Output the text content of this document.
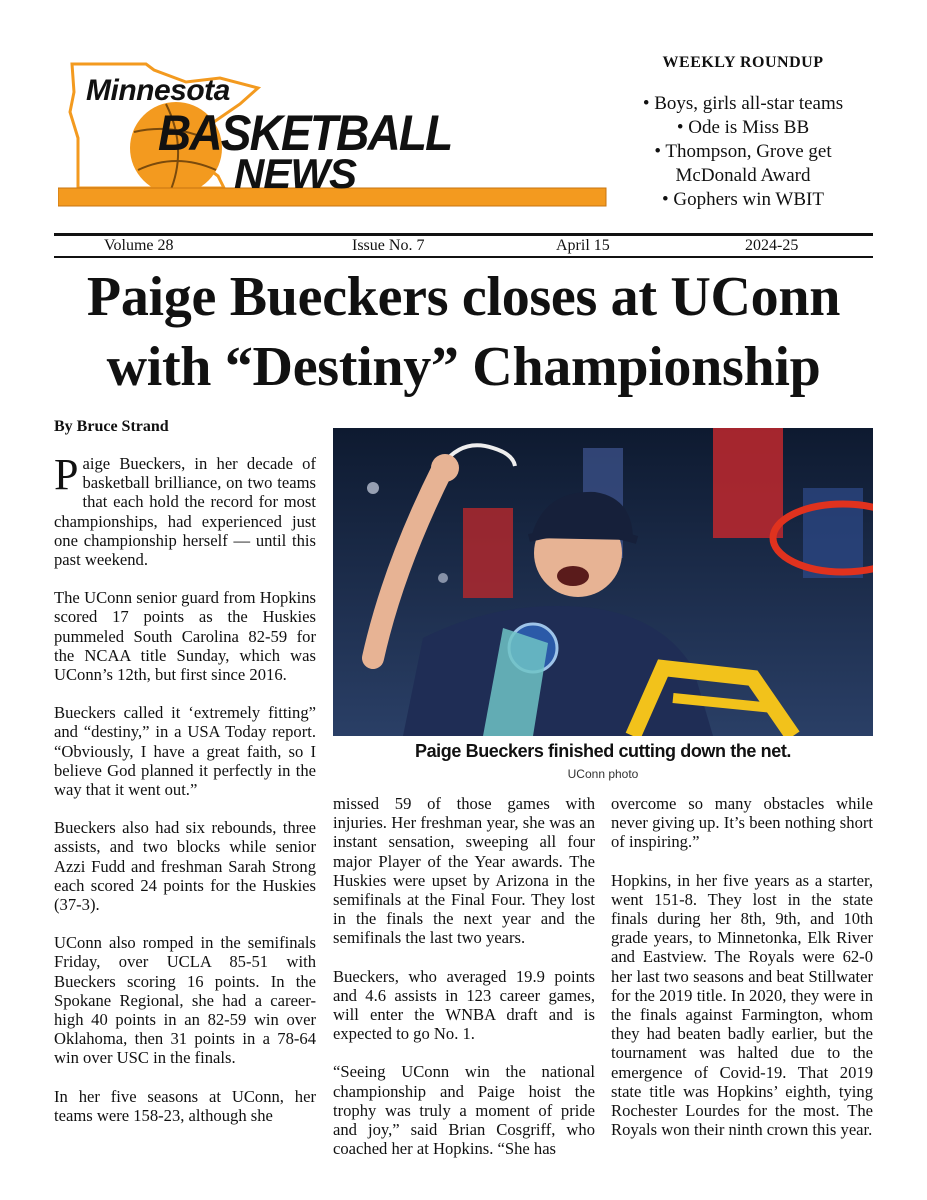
Minnesota
BASKETBALL
NEWS
WEEKLY ROUNDUP
• Boys, girls all-star teams
• Ode is Miss BB
• Thompson, Grove get McDonald Award
• Gophers win WBIT
Volume 28	Issue No. 7	April 15	2024-25
Paige Bueckers closes at UConn with “Destiny” Championship
By Bruce Strand

Paige Bueckers, in her decade of basketball brilliance, on two teams that each hold the record for most championships, had experienced just one championship herself — until this past weekend.

The UConn senior guard from Hopkins scored 17 points as the Huskies pummeled South Carolina 82-59 for the NCAA title Sunday, which was UConn’s 12th, but first since 2016.

Bueckers called it ‘extremely fitting” and “destiny,” in a USA Today report. “Obviously, I have a great faith, so I believe God planned it perfectly in the way that it went out.”

Bueckers also had six rebounds, three assists, and two blocks while senior Azzi Fudd and freshman Sarah Strong each scored 24 points for the Huskies (37-3).

UConn also romped in the semifinals Friday, over UCLA 85-51 with Bueckers scoring 16 points. In the Spokane Regional, she had a career-high 40 points in an 82-59 win over Oklahoma, then 31 points in a 78-64 win over USC in the finals.

In her five seasons at UConn, her teams were 158-23, although she

Paige Bueckers finished cutting down the net.
UConn photo

missed 59 of those games with injuries. Her freshman year, she was an instant sensation, sweeping all four major Player of the Year awards. The Huskies were upset by Arizona in the semifinals at the Final Four. They lost in the finals the next year and the semifinals the last two years.

Bueckers, who averaged 19.9 points and 4.6 assists in 123 career games, will enter the WNBA draft and is expected to go No. 1.

“Seeing UConn win the national championship and Paige hoist the trophy was truly a moment of pride and joy,” said Brian Cosgriff, who coached her at Hopkins. “She has

overcome so many obstacles while never giving up. It’s been nothing short of inspiring.”

Hopkins, in her five years as a starter, went 151-8. They lost in the state finals during her 8th, 9th, and 10th grade years, to Minnetonka, Elk River and Eastview. The Royals were 62-0 her last two seasons and beat Stillwater for the 2019 title. In 2020, they were in the finals against Farmington, whom they had beaten badly earlier, but the tournament was halted due to the emergence of Covid-19. That 2019 state title was Hopkins’ eighth, tying Rochester Lourdes for the most. The Royals won their ninth crown this year.
